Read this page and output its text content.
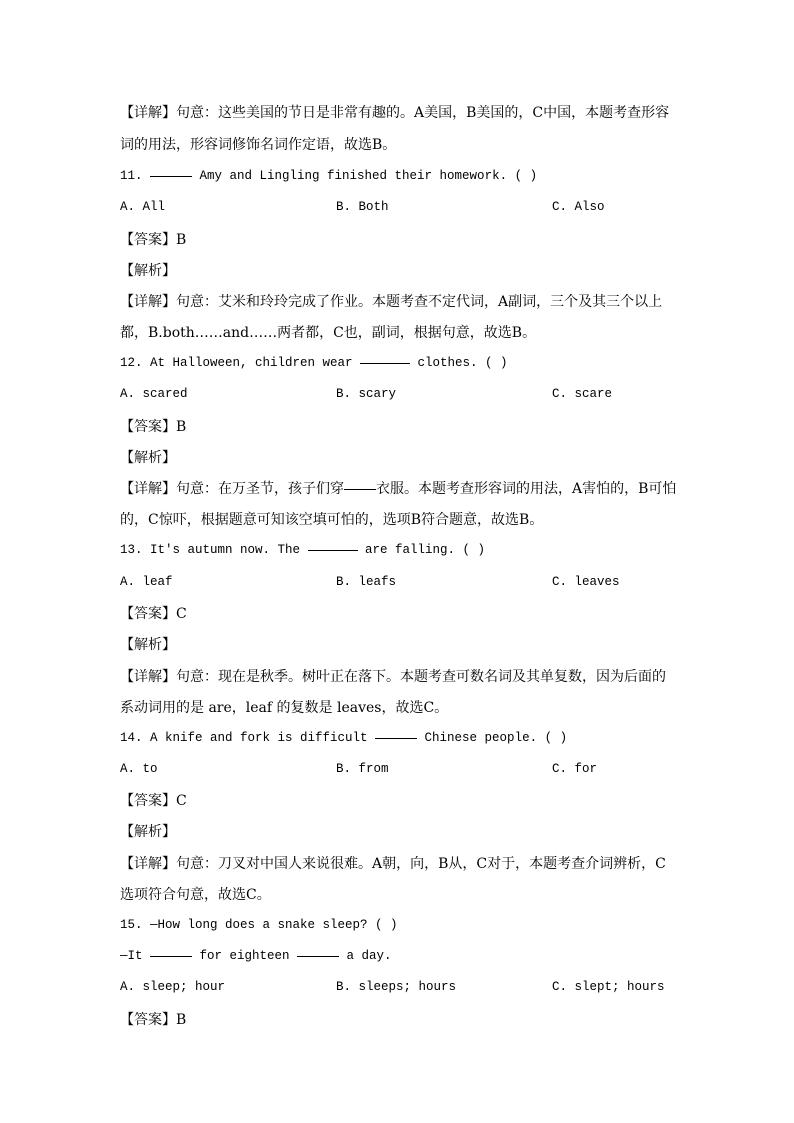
【详解】句意：这些美国的节日是非常有趣的。A美国，B美国的，C中国，本题考查形容
词的用法，形容词修饰名词作定语，故选B。
11.	Amy and Lingling finished their homework. ( )
A. All	B. Both	C. Also
【答案】B
【解析】
【详解】句意：艾米和玲玲完成了作业。本题考查不定代词，A副词，三个及其三个以上
都，B.both……and……两者都，C也，副词，根据句意，故选B。
12. At Halloween, children wear	clothes. ( )
A. scared	B. scary	C. scare
【答案】B
【解析】
【详解】句意：在万圣节，孩子们穿 衣服。本题考查形容词的用法，A害怕的，B可怕
的，C惊吓，根据题意可知该空填可怕的，选项B符合题意，故选B。
13. It's autumn now. The	are falling. ( )
A. leaf	B. leafs	C. leaves
【答案】C
【解析】
【详解】句意：现在是秋季。树叶正在落下。本题考查可数名词及其单复数，因为后面的
系动词用的是 are，leaf 的复数是 leaves，故选C。
14. A knife and fork is difficult	Chinese people. ( )
A. to	B. from	C. for
【答案】C
【解析】
【详解】句意：刀叉对中国人来说很难。A朝，向，B从，C对于，本题考查介词辨析，C
选项符合句意，故选C。
15. —How long does a snake sleep? ( )
—It	for eighteen	a day.
A. sleep; hour	B. sleeps; hours	C. slept; hours
【答案】B
